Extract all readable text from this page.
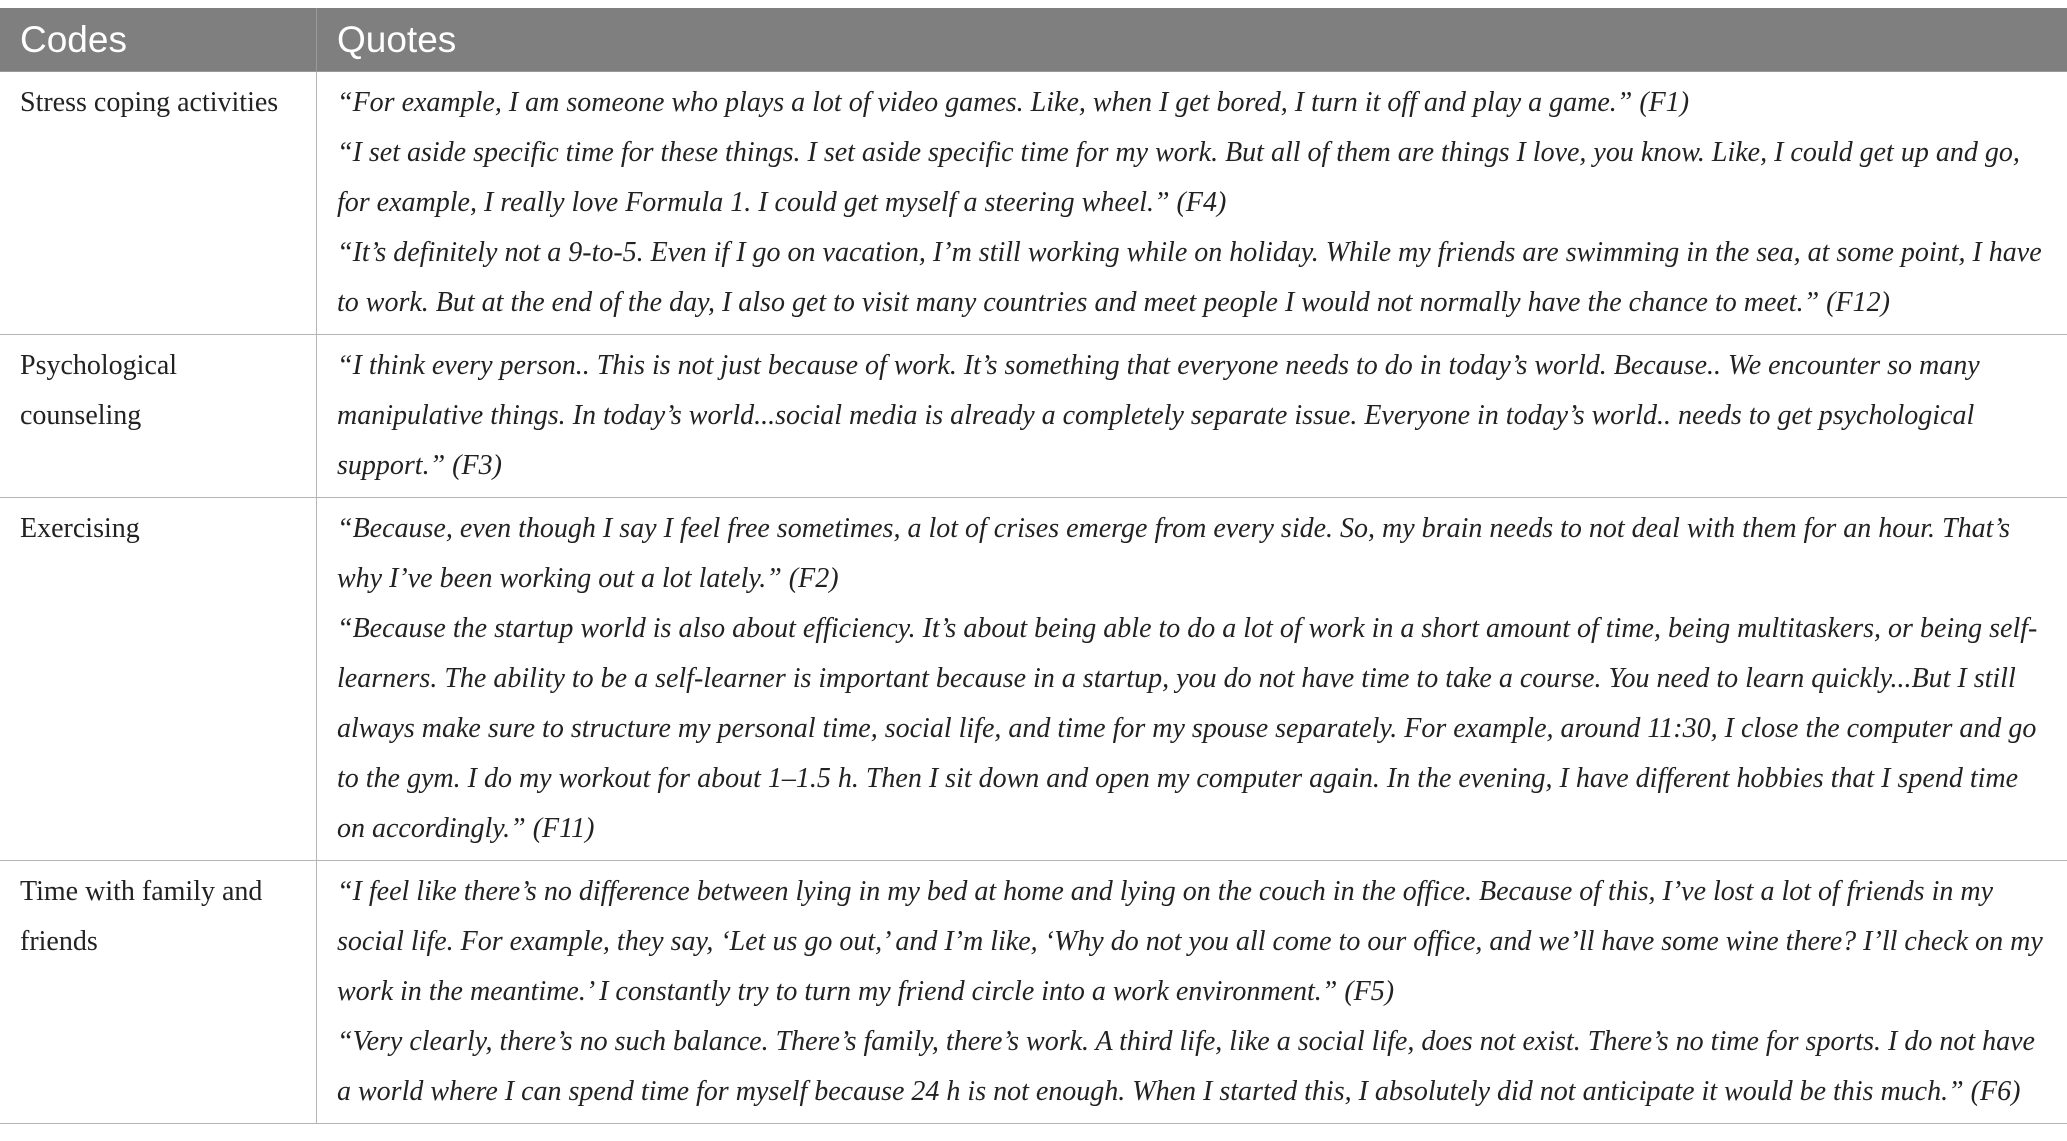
Codes	Quotes
Stress coping activities	“For example, I am someone who plays a lot of video games. Like, when I get bored, I turn it off and play a game.” (F1)
“I set aside specific time for these things. I set aside specific time for my work. But all of them are things I love, you know. Like, I could get up and go, for example, I really love Formula 1. I could get myself a steering wheel.” (F4)
“It’s definitely not a 9-to-5. Even if I go on vacation, I’m still working while on holiday. While my friends are swimming in the sea, at some point, I have to work. But at the end of the day, I also get to visit many countries and meet people I would not normally have the chance to meet.” (F12)

Psychological counseling	“I think every person.. This is not just because of work. It’s something that everyone needs to do in today’s world. Because.. We encounter so many manipulative things. In today’s world...social media is already a completely separate issue. Everyone in today’s world.. needs to get psychological support.” (F3)

Exercising	“Because, even though I say I feel free sometimes, a lot of crises emerge from every side. So, my brain needs to not deal with them for an hour. That’s why I’ve been working out a lot lately.” (F2)
“Because the startup world is also about efficiency. It’s about being able to do a lot of work in a short amount of time, being multitaskers, or being self-learners. The ability to be a self-learner is important because in a startup, you do not have time to take a course. You need to learn quickly...But I still always make sure to structure my personal time, social life, and time for my spouse separately. For example, around 11:30, I close the computer and go to the gym. I do my workout for about 1–1.5 h. Then I sit down and open my computer again. In the evening, I have different hobbies that I spend time on accordingly.” (F11)

Time with family and friends	“I feel like there’s no difference between lying in my bed at home and lying on the couch in the office. Because of this, I’ve lost a lot of friends in my social life. For example, they say, ‘Let us go out,’ and I’m like, ‘Why do not you all come to our office, and we’ll have some wine there? I’ll check on my work in the meantime.’ I constantly try to turn my friend circle into a work environment.” (F5)
“Very clearly, there’s no such balance. There’s family, there’s work. A third life, like a social life, does not exist. There’s no time for sports. I do not have a world where I can spend time for myself because 24 h is not enough. When I started this, I absolutely did not anticipate it would be this much.” (F6)
